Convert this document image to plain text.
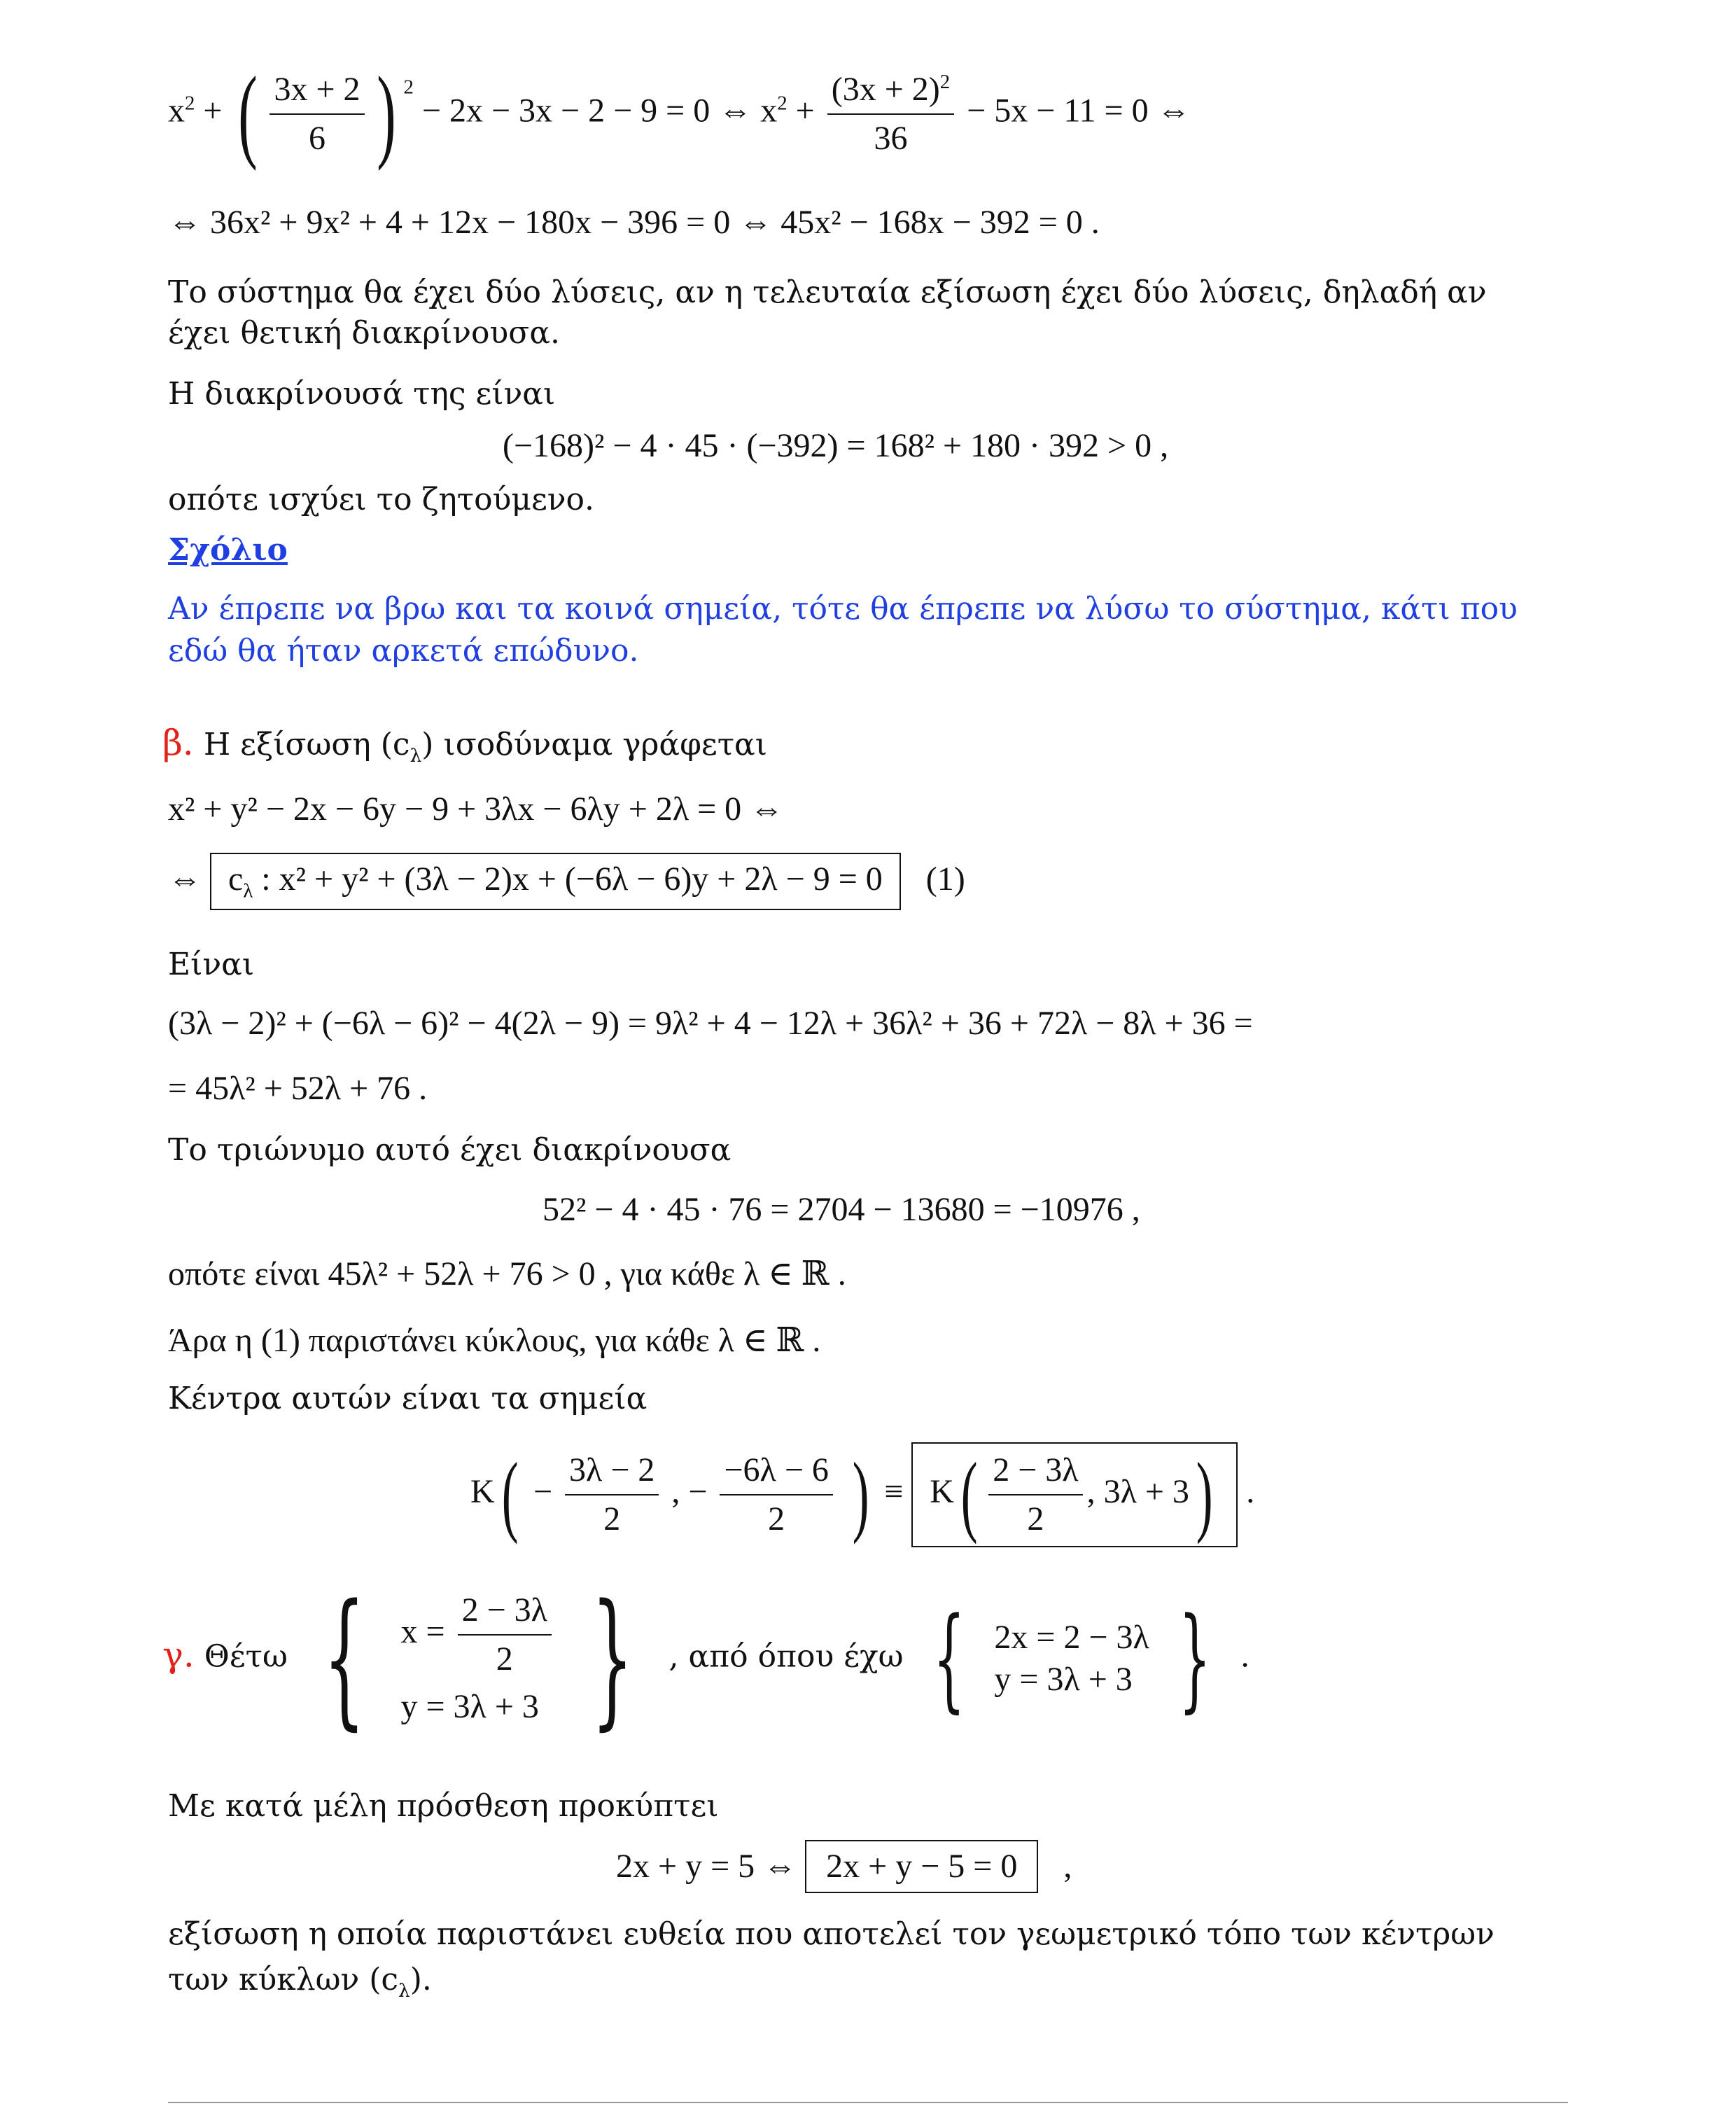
$x^2$ + ( $\frac{3x + 2}{6}$ ) $^2$ − 2x − 3x − 2 − 9 = 0 ⇔ $x^2 + \frac{(3x + 2)^2}{36} - 5x - 11 = 0$ ⇔
⇔ 36x² + 9x² + 4 + 12x − 180x − 396 = 0 ⇔ 45x² − 168x − 392 = 0 .
Το σύστημα θα έχει δύο λύσεις, αν η τελευταία εξίσωση έχει δύο λύσεις, δηλαδή αν
έχει θετική διακρίνουσα.
Η διακρίνουσά της είναι
(−168)² − 4 · 45 · (−392) = 168² + 180 · 392 > 0 ,
οπότε ισχύει το ζητούμενο.
Σχόλιο
Αν έπρεπε να βρω και τα κοινά σημεία, τότε θα έπρεπε να λύσω το σύστημα, κάτι που
εδώ θα ήταν αρκετά επώδυνο.
β. Η εξίσωση $(c_\lambda)$ ισοδύναμα γράφεται
x² + y² − 2x − 6y − 9 + 3λx − 6λy + 2λ = 0 ⇔
⇔ $c_\lambda$ : x² + y² + (3λ − 2)x + (−6λ − 6)y + 2λ − 9 = 0 (1)
Είναι
(3λ − 2)² + (−6λ − 6)² − 4(2λ − 9) = 9λ² + 4 − 12λ + 36λ² + 36 + 72λ − 8λ + 36 =
= 45λ² + 52λ + 76 .
Το τριώνυμο αυτό έχει διακρίνουσα
52² − 4 · 45 · 76 = 2704 − 13680 = −10976 ,
οπότε είναι 45λ² + 52λ + 76 > 0 , για κάθε λ ∈ ℝ .
Άρα η (1) παριστάνει κύκλους, για κάθε λ ∈ ℝ .
Κέντρα αυτών είναι τα σημεία
$K( - \frac{3\lambda - 2}{2}$ , − $\frac{-6\lambda - 6}{2}$ ) ≡ $K( \frac{2 - 3\lambda}{2}$ , 3λ + 3) .
γ. Θέτω { $x = \frac{2 - 3\lambda}{2}$
y = 3λ + 3 } , από όπου έχω { 2x = 2 − 3λ
y = 3λ + 3 } .
Με κατά μέλη πρόσθεση προκύπτει
2x + y = 5 ⇔ 2x + y − 5 = 0 ,
εξίσωση η οποία παριστάνει ευθεία που αποτελεί τον γεωμετρικό τόπο των κέντρων
των κύκλων $(c_\lambda)$.
